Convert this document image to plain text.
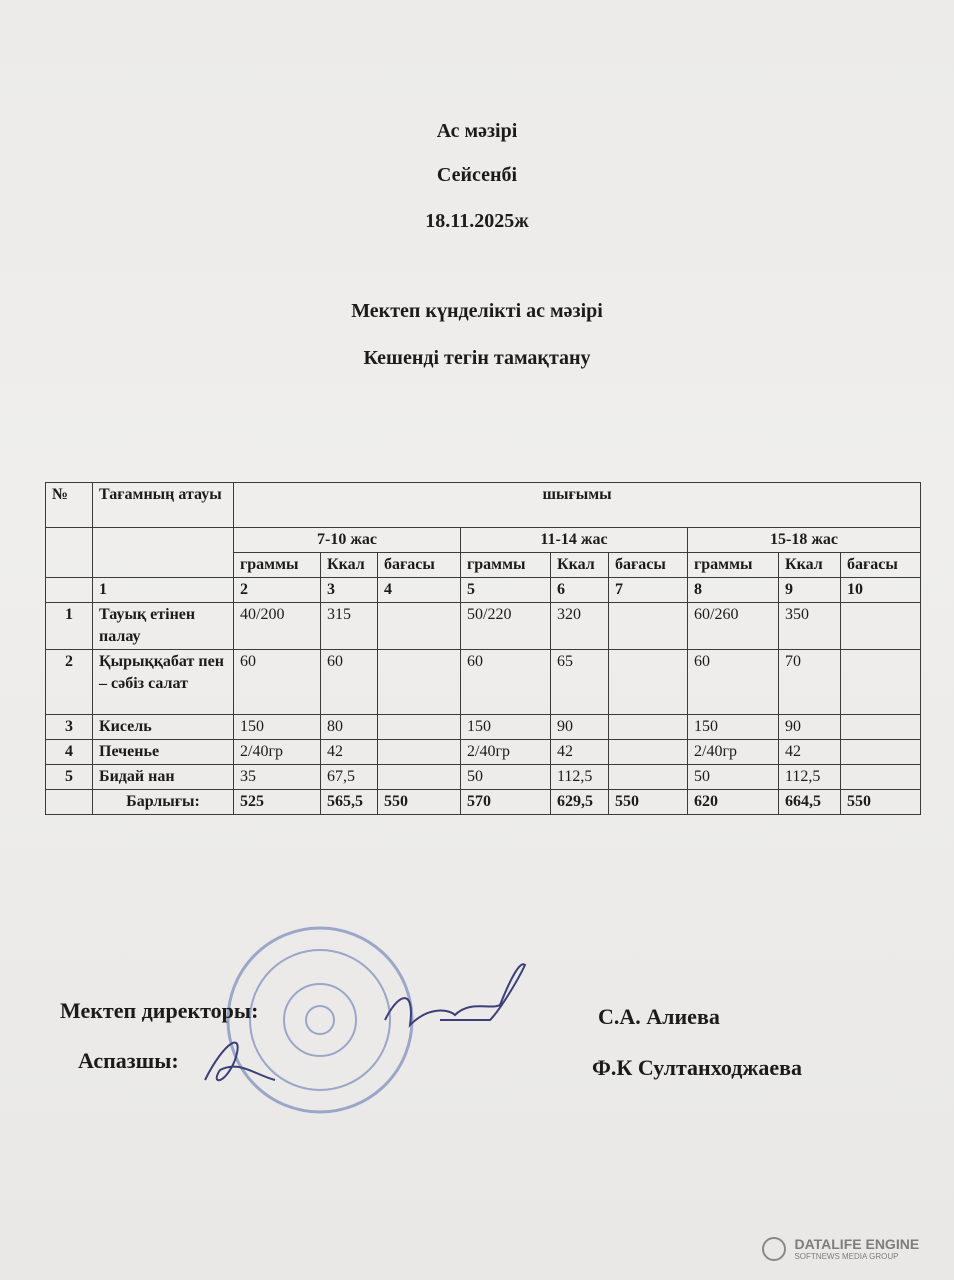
Ас мәзірі
Сейсенбі
18.11.2025ж
Мектеп күнделікті ас мәзірі
Кешенді тегін тамақтану
№	Тағамның атауы	шығымы								
		7-10 жас			11-14 жас			15-18 жас		
		граммы	Ккал	бағасы	граммы	Ккал	бағасы	граммы	Ккал	бағасы
	1	2	3	4	5	6	7	8	9	10
1	Тауық етінен палау	40/200	315		50/220	320		60/260	350	
2	Қырыққабат пен – сәбіз салат	60	60		60	65		60	70	
3	Кисель	150	80		150	90		150	90	
4	Печенье	2/40гр	42		2/40гр	42		2/40гр	42	
5	Бидай нан	35	67,5		50	112,5		50	112,5	
	Барлығы:	525	565,5	550	570	629,5	550	620	664,5	550
Мектеп директоры:	С.А. Алиева
Аспазшы:	Ф.К Султанходжаева

DATALIFE ENGINE
SOFTNEWS MEDIA GROUP
